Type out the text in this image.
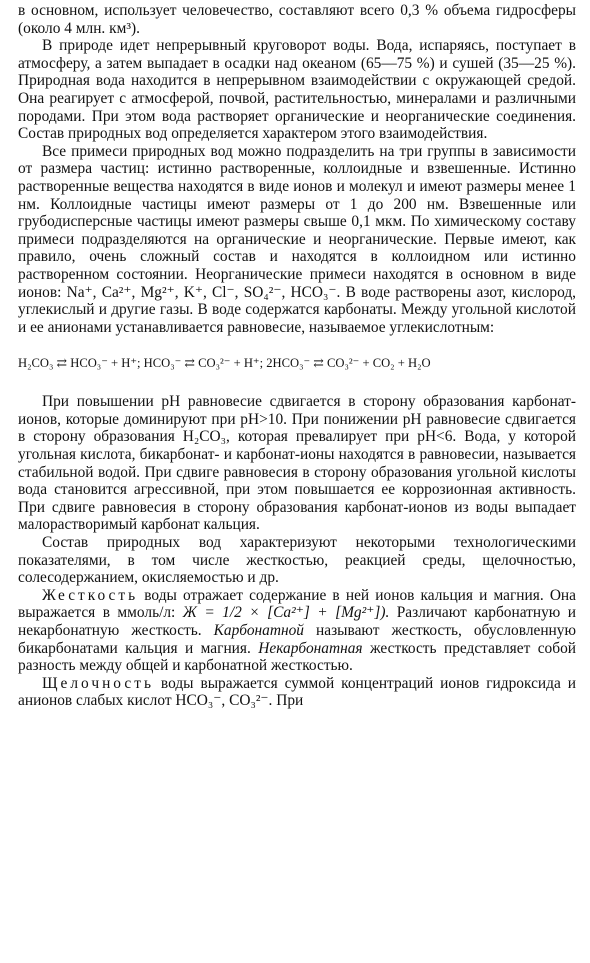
в основном, использует человечество, составляют всего 0,3 % объема гидросферы (около 4 млн. км³).

В природе идет непрерывный круговорот воды. Вода, испаряясь, поступает в атмосферу, а затем выпадает в осадки над океаном (65—75 %) и сушей (35—25 %). Природная вода находится в непрерывном взаимодействии с окружающей средой. Она реагирует с атмосферой, почвой, растительностью, минералами и различными породами. При этом вода растворяет органические и неорганические соединения. Состав природных вод определяется характером этого взаимодействия.

Все примеси природных вод можно подразделить на три группы в зависимости от размера частиц: истинно растворенные, коллоидные и взвешенные. Истинно растворенные вещества находятся в виде ионов и молекул и имеют размеры менее 1 нм. Коллоидные частицы имеют размеры от 1 до 200 нм. Взвешенные или грубодисперсные частицы имеют размеры свыше 0,1 мкм. По химическому составу примеси подразделяются на органические и неорганические. Первые имеют, как правило, очень сложный состав и находятся в коллоидном или истинно растворенном состоянии. Неорганические примеси находятся в основном в виде ионов: Na⁺, Ca²⁺, Mg²⁺, K⁺, Cl⁻, SO₄²⁻, HCO₃⁻. В воде растворены азот, кислород, углекислый и другие газы. В воде содержатся карбонаты. Между угольной кислотой и ее анионами устанавливается равновесие, называемое углекислотным:

H₂CO₃ ⇄ HCO₃⁻ + H⁺; HCO₃⁻ ⇄ CO₃²⁻ + H⁺; 2HCO₃⁻ ⇄ CO₃²⁻ + CO₂ + H₂O

При повышении pH равновесие сдвигается в сторону образования карбонат-ионов, которые доминируют при pH>10. При понижении pH равновесие сдвигается в сторону образования H₂CO₃, которая превалирует при pH<6. Вода, у которой угольная кислота, бикарбонат- и карбонат-ионы находятся в равновесии, называется стабильной водой. При сдвиге равновесия в сторону образования угольной кислоты вода становится агрессивной, при этом повышается ее коррозионная активность. При сдвиге равновесия в сторону образования карбонат-ионов из воды выпадает малорастворимый карбонат кальция.

Состав природных вод характеризуют некоторыми технологическими показателями, в том числе жесткостью, реакцией среды, щелочностью, солесодержанием, окисляемостью и др.

Жесткость воды отражает содержание в ней ионов кальция и магния. Она выражается в ммоль/л: Ж = 1/2 × [Ca²⁺] + [Mg²⁺]). Различают карбонатную и некарбонатную жесткость. Карбонатной называют жесткость, обусловленную бикарбонатами кальция и магния. Некарбонатная жесткость представляет собой разность между общей и карбонатной жесткостью.

Щелочность воды выражается суммой концентраций ионов гидроксида и анионов слабых кислот HCO₃⁻, CO₃²⁻. При
